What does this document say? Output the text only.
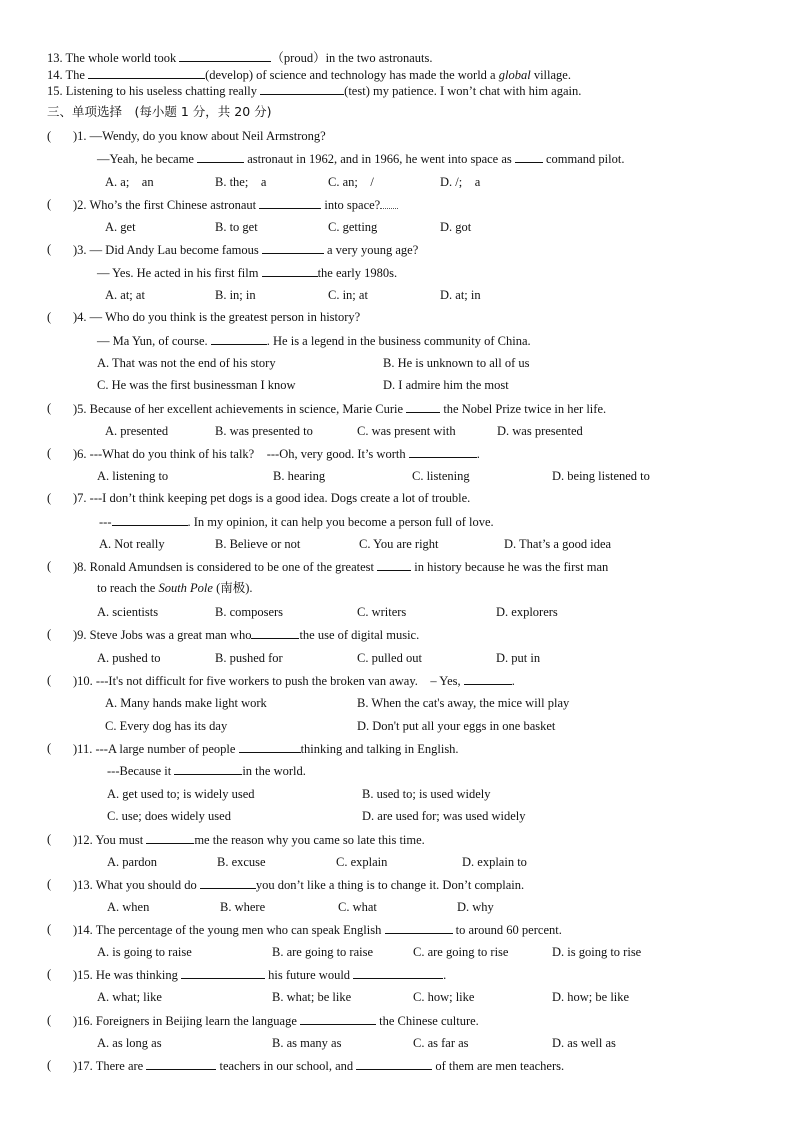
13. The whole world took	（proud）in the two astronauts.
14. The	(develop) of science and technology has made the world a global village.
15. Listening to his useless chatting really	(test) my patience. I won’t chat with him again.
三、单项选择　(每小题 1 分，共 20 分)
( )1. —Wendy, do you know about Neil Armstrong?
—Yeah, he became	astronaut in 1962, and in 1966, he went into space as	command pilot.
A. a;　an	B. the;　a	C. an;　/	D. /;　a
( )2. Who’s the first Chinese astronaut	into space?
A. get	B. to get	C. getting	D. got
( )3. — Did Andy Lau become famous	a very young age?
— Yes. He acted in his first film	the early 1980s.
A. at; at	B. in; in	C. in; at	D. at; in
( )4. — Who do you think is the greatest person in history?
— Ma Yun, of course.	. He is a legend in the business community of China.
A. That was not the end of his story	B. He is unknown to all of us
C. He was the first businessman I know	D. I admire him the most
( )5. Because of her excellent achievements in science, Marie Curie	the Nobel Prize twice in her life.
A. presented	B. was presented to	C. was present with	D. was presented
( )6. ---What do you think of his talk?　---Oh, very good. It’s worth	.
A. listening to	B. hearing	C. listening	D. being listened to
( )7. ---I don’t think keeping pet dogs is a good idea. Dogs create a lot of trouble.
---	. In my opinion, it can help you become a person full of love.
A. Not really	B. Believe or not	C. You are right	D. That’s a good idea
( )8. Ronald Amundsen is considered to be one of the greatest	in history because he was the first man
to reach the South Pole (南极).
A. scientists	B. composers	C. writers	D. explorers
( )9. Steve Jobs was a great man who	the use of digital music.
A. pushed to	B. pushed for	C. pulled out	D. put in
( )10. ---It's not difficult for five workers to push the broken van away.　– Yes,	.
A. Many hands make light work	B. When the cat's away, the mice will play
C. Every dog has its day	D. Don't put all your eggs in one basket
( )11. ---A large number of people	thinking and talking in English.
---Because it	in the world.
A. get used to; is widely used	B. used to; is used widely
C. use; does widely used	D. are used for; was used widely
( )12. You must	me the reason why you came so late this time.
A. pardon	B. excuse	C. explain	D. explain to
( )13. What you should do	you don’t like a thing is to change it. Don’t complain.
A. when	B. where	C. what	D. why
( )14. The percentage of the young men who can speak English	to around 60 percent.
A. is going to raise	B. are going to raise	C. are going to rise	D. is going to rise
( )15. He was thinking	his future would	.
A. what; like	B. what; be like	C. how; like	D. how; be like
( )16. Foreigners in Beijing learn the language	the Chinese culture.
A. as long as	B. as many as	C. as far as	D. as well as
( )17. There are	teachers in our school, and	of them are men teachers.
